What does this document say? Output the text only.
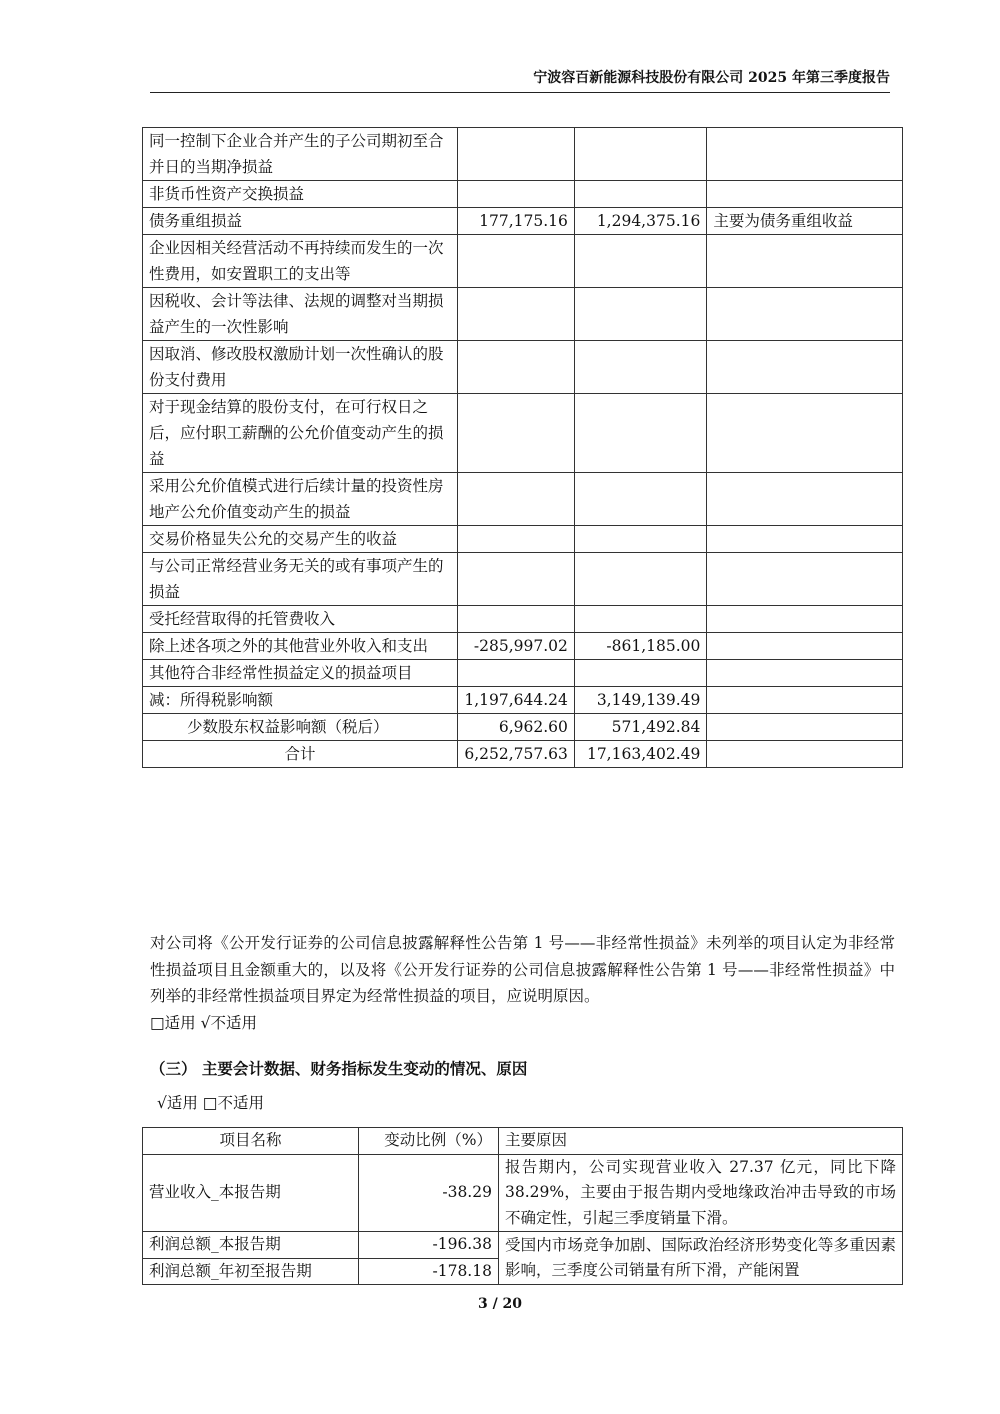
宁波容百新能源科技股份有限公司 2025 年第三季度报告
同一控制下企业合并产生的子公司期初至合并日的当期净损益			
非货币性资产交换损益			
债务重组损益	177,175.16	1,294,375.16	主要为债务重组收益
企业因相关经营活动不再持续而发生的一次性费用，如安置职工的支出等			
因税收、会计等法律、法规的调整对当期损益产生的一次性影响			
因取消、修改股权激励计划一次性确认的股份支付费用			
对于现金结算的股份支付，在可行权日之后，应付职工薪酬的公允价值变动产生的损益			
采用公允价值模式进行后续计量的投资性房地产公允价值变动产生的损益			
交易价格显失公允的交易产生的收益			
与公司正常经营业务无关的或有事项产生的损益			
受托经营取得的托管费收入			
除上述各项之外的其他营业外收入和支出	-285,997.02	-861,185.00	
其他符合非经常性损益定义的损益项目			
减：所得税影响额	1,197,644.24	3,149,139.49	
少数股东权益影响额（税后）	6,962.60	571,492.84	
合计	6,252,757.63	17,163,402.49	
对公司将《公开发行证券的公司信息披露解释性公告第 1 号——非经常性损益》未列举的项目认定为非经常性损益项目且金额重大的，以及将《公开发行证券的公司信息披露解释性公告第 1 号——非经常性损益》中列举的非经常性损益项目界定为经常性损益的项目，应说明原因。
□适用 √不适用
（三） 主要会计数据、财务指标发生变动的情况、原因
√适用 □不适用
项目名称	变动比例（%）	主要原因
营业收入_本报告期	-38.29	报告期内，公司实现营业收入 27.37 亿元，同比下降 38.29%，主要由于报告期内受地缘政治冲击导致的市场不确定性，引起三季度销量下滑。
利润总额_本报告期	-196.38	受国内市场竞争加剧、国际政治经济形势变化等多重因素影响，三季度公司销量有所下滑，产能闲置
利润总额_年初至报告期	-178.18	
3 / 20
